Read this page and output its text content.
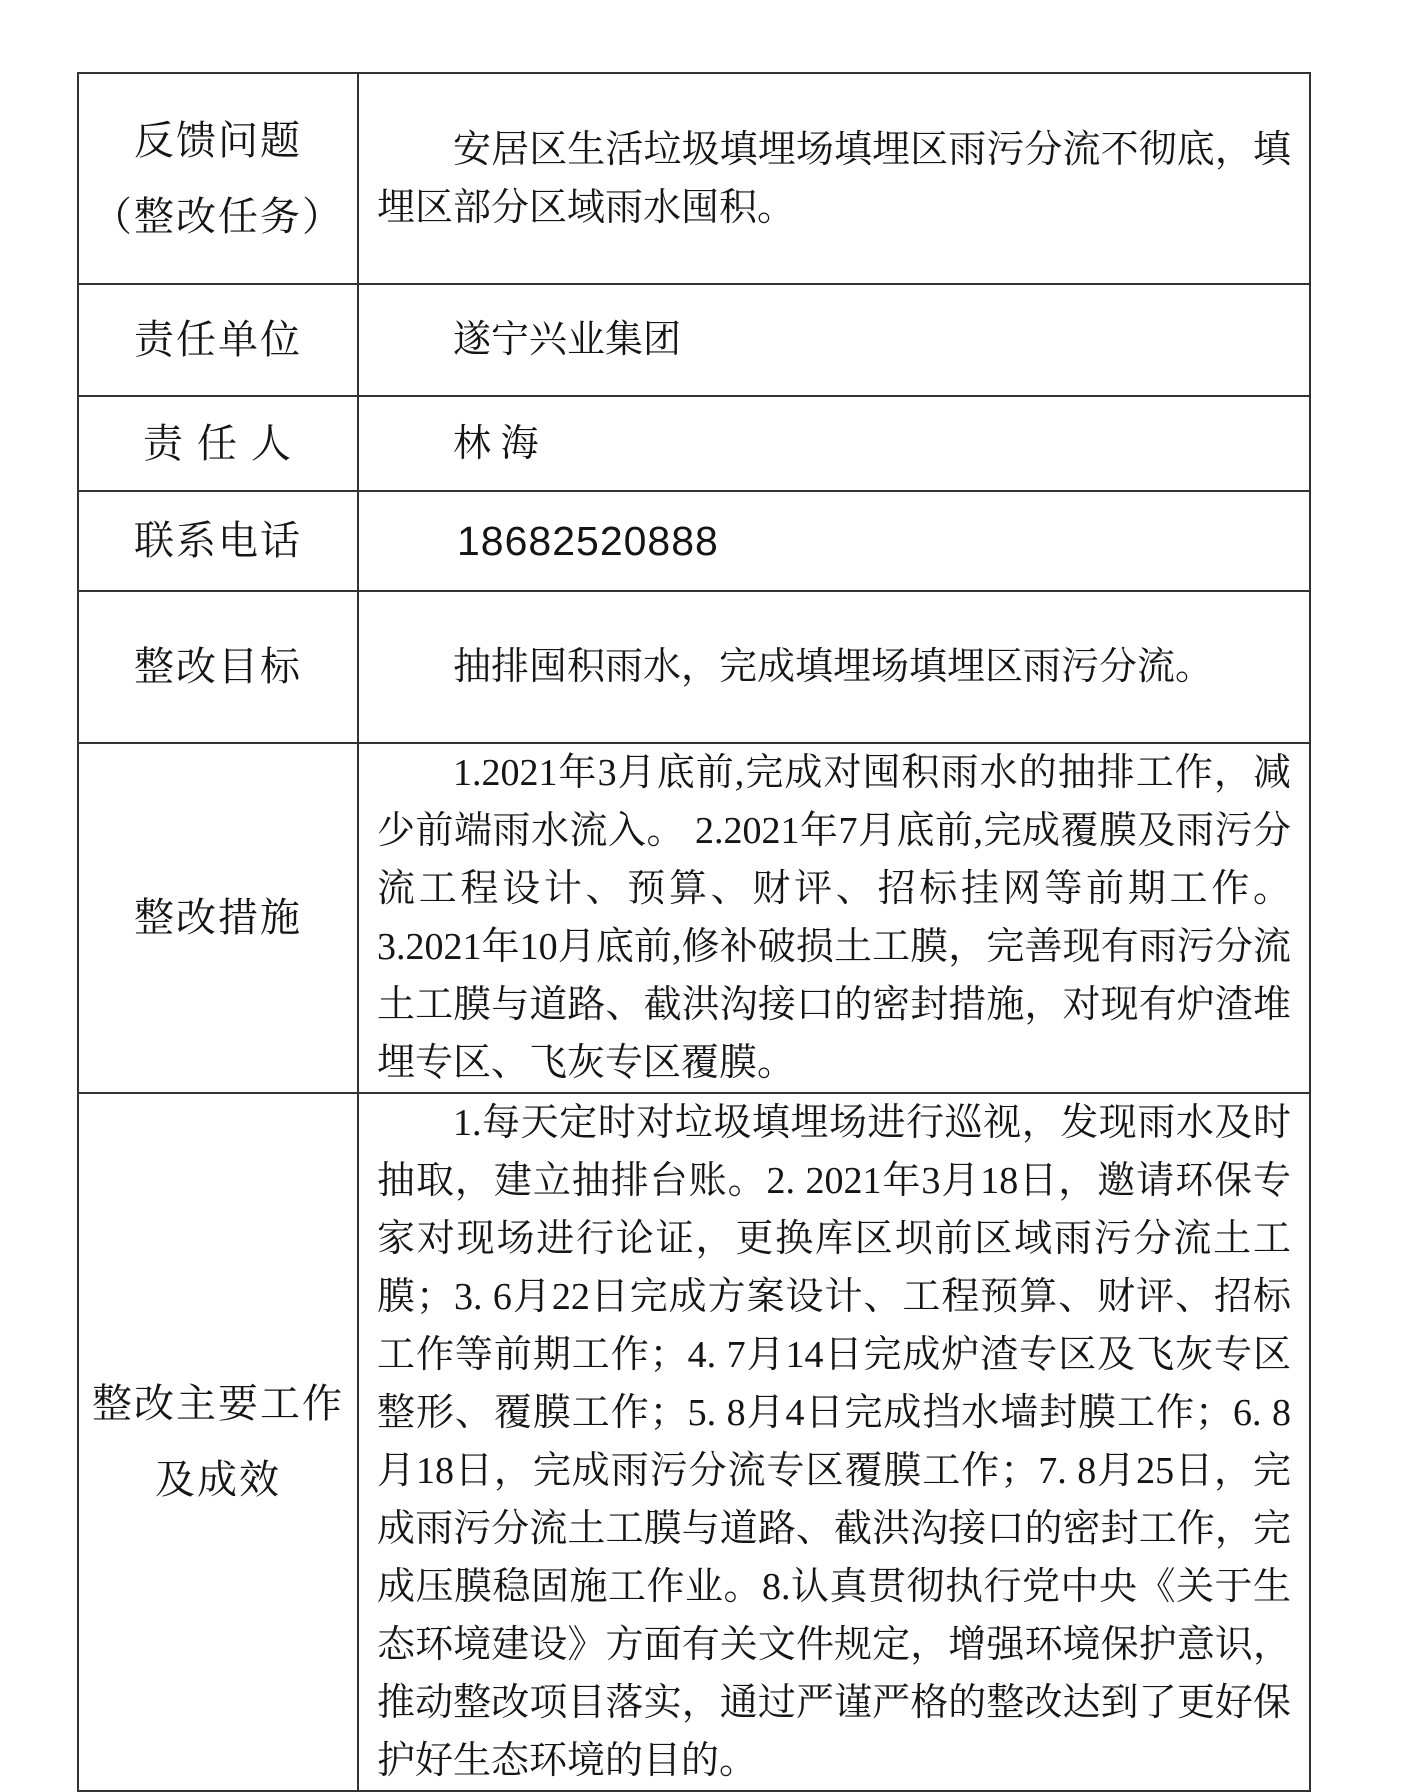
反馈问题
（整改任务）	安居区生活垃圾填埋场填埋区雨污分流不彻底，填埋区部分区域雨水囤积。

责任单位	遂宁兴业集团

责 任 人	林 海

联系电话	18682520888

整改目标	抽排囤积雨水，完成填埋场填埋区雨污分流。

整改措施	1.2021年3月底前,完成对囤积雨水的抽排工作，减少前端雨水流入。 2.2021年7月底前,完成覆膜及雨污分流工程设计、预算、财评、招标挂网等前期工作。3.2021年10月底前,修补破损土工膜，完善现有雨污分流土工膜与道路、截洪沟接口的密封措施，对现有炉渣堆埋专区、飞灰专区覆膜。

整改主要工作
及成效	1.每天定时对垃圾填埋场进行巡视，发现雨水及时抽取，建立抽排台账。2. 2021年3月18日，邀请环保专家对现场进行论证，更换库区坝前区域雨污分流土工膜；3. 6月22日完成方案设计、工程预算、财评、招标工作等前期工作；4. 7月14日完成炉渣专区及飞灰专区整形、覆膜工作；5. 8月4日完成挡水墙封膜工作；6. 8月18日，完成雨污分流专区覆膜工作；7. 8月25日，完成雨污分流土工膜与道路、截洪沟接口的密封工作，完成压膜稳固施工作业。8.认真贯彻执行党中央《关于生态环境建设》方面有关文件规定，增强环境保护意识，推动整改项目落实，通过严谨严格的整改达到了更好保护好生态环境的目的。
